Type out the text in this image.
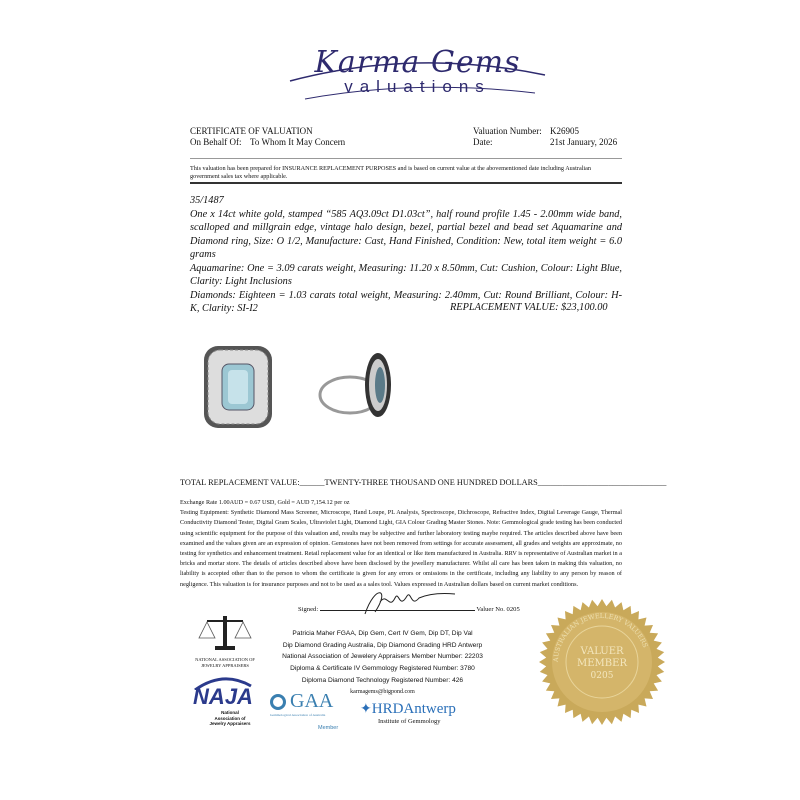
Karma Gems
valuations
CERTIFICATE OF VALUATION
On Behalf Of: To Whom It May Concern
Valuation Number: K26905
Date:	21st January, 2026
This valuation has been prepared for INSURANCE REPLACEMENT PURPOSES and is based on current value at the abovementioned date including Australian government sales tax where applicable.
35/1487
One x 14ct white gold, stamped “585 AQ3.09ct D1.03ct”, half round profile 1.45 - 2.00mm wide band, scalloped and millgrain edge, vintage halo design, bezel, partial bezel and bead set Aquamarine and Diamond ring, Size: O 1/2, Manufacture: Cast, Hand Finished, Condition: New, total item weight = 6.0 grams
Aquamarine: One = 3.09 carats weight, Measuring: 11.20 x 8.50mm, Cut: Cushion, Colour: Light Blue, Clarity: Light Inclusions
Diamonds: Eighteen = 1.03 carats total weight, Measuring: 2.40mm, Cut: Round Brilliant, Colour: H-K, Clarity: SI-I2	REPLACEMENT VALUE: $23,100.00
TOTAL REPLACEMENT VALUE:______TWENTY-THREE THOUSAND ONE HUNDRED DOLLARS_______________________________
Exchange Rate 1.00AUD = 0.67 USD, Gold = AUD 7,154.12 per oz
Testing Equipment: Synthetic Diamond Mass Screener, Microscope, Hand Loupe, PL Analysis, Spectroscope, Dichroscope, Refractive Index, Digital Leverage Gauge, Thermal Conductivity Diamond Tester, Digital Gram Scales, Ultraviolet Light, Diamond Light, GIA Colour Grading Master Stones. Note: Gemmological grade testing has been conducted using scientific equipment for the purpose of this valuation and, results may be subjective and further laboratory testing maybe required. The articles described above have been examined and the values given are an expression of opinion. Gemstones have not been removed from settings for accurate assessment, all grades and weights are approximate, no testing for synthetics and enhancement treatment. Retail replacement value for an identical or like item manufactured in Australia. RRV is representative of Australian market in a bricks and mortar store. The details of articles described above have been disclosed by the jewellery manufacturer. Whilst all care has been taken in making this valuation, no liability is accepted other than to the person to whom the certificate is given for any errors or omissions in the certificate, including any liability to any person by reason of negligence. This valuation is for insurance purposes and not to be used as a sales tool. Values expressed in Australian dollars based on current market conditions.
Signed:	Valuer No. 0205
Patricia Maher FGAA, Dip Gem, Cert IV Gem, Dip DT, Dip Val
Dip Diamond Grading Australia, Dip Diamond Grading HRD Antwerp
National Association of Jewelery Appraisers Member Number: 22203
Diploma & Certificate IV Gemmology Registered Number: 3780
Diploma Diamond Technology Registered Number: 426
karmagems@bigpond.com
NATIONAL ASSOCIATION OF JEWELRY APPRAISERS
NAJA
National Association of Jewelry Appraisers
GAA
Gemmological Association of Australia
Member
✦HRDAntwerp
Institute of Gemmology
AUSTRALIAN JEWELLERY VALUERS
VALUER
MEMBER
0205
